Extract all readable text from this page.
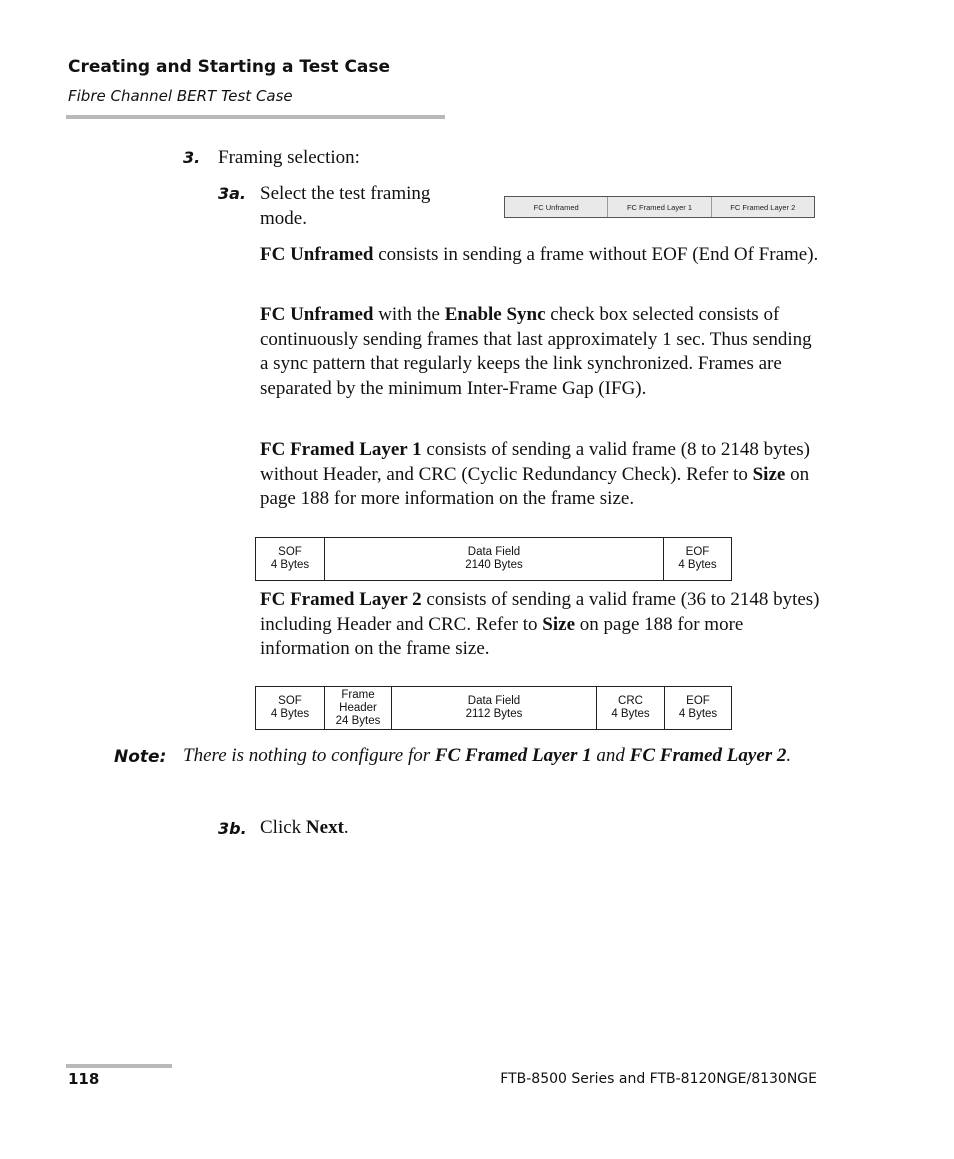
Creating and Starting a Test Case
Fibre Channel BERT Test Case
3. Framing selection:
3a. Select the test framing mode.
FC Unframed	FC Framed Layer 1	FC Framed Layer 2
FC Unframed consists in sending a frame without EOF (End Of Frame).
FC Unframed with the Enable Sync check box selected consists of continuously sending frames that last approximately 1 sec. Thus sending a sync pattern that regularly keeps the link synchronized. Frames are separated by the minimum Inter-Frame Gap (IFG).
FC Framed Layer 1 consists of sending a valid frame (8 to 2148 bytes) without Header, and CRC (Cyclic Redundancy Check). Refer to Size on page 188 for more information on the frame size.
SOF
4 Bytes
Data Field
2140 Bytes
EOF
4 Bytes
FC Framed Layer 2 consists of sending a valid frame (36 to 2148 bytes) including Header and CRC. Refer to Size on page 188 for more information on the frame size.
SOF
4 Bytes
Frame Header
24 Bytes
Data Field
2112 Bytes
CRC
4 Bytes
EOF
4 Bytes
Note: There is nothing to configure for FC Framed Layer 1 and FC Framed Layer 2.
3b. Click Next.
118	FTB-8500 Series and FTB-8120NGE/8130NGE
